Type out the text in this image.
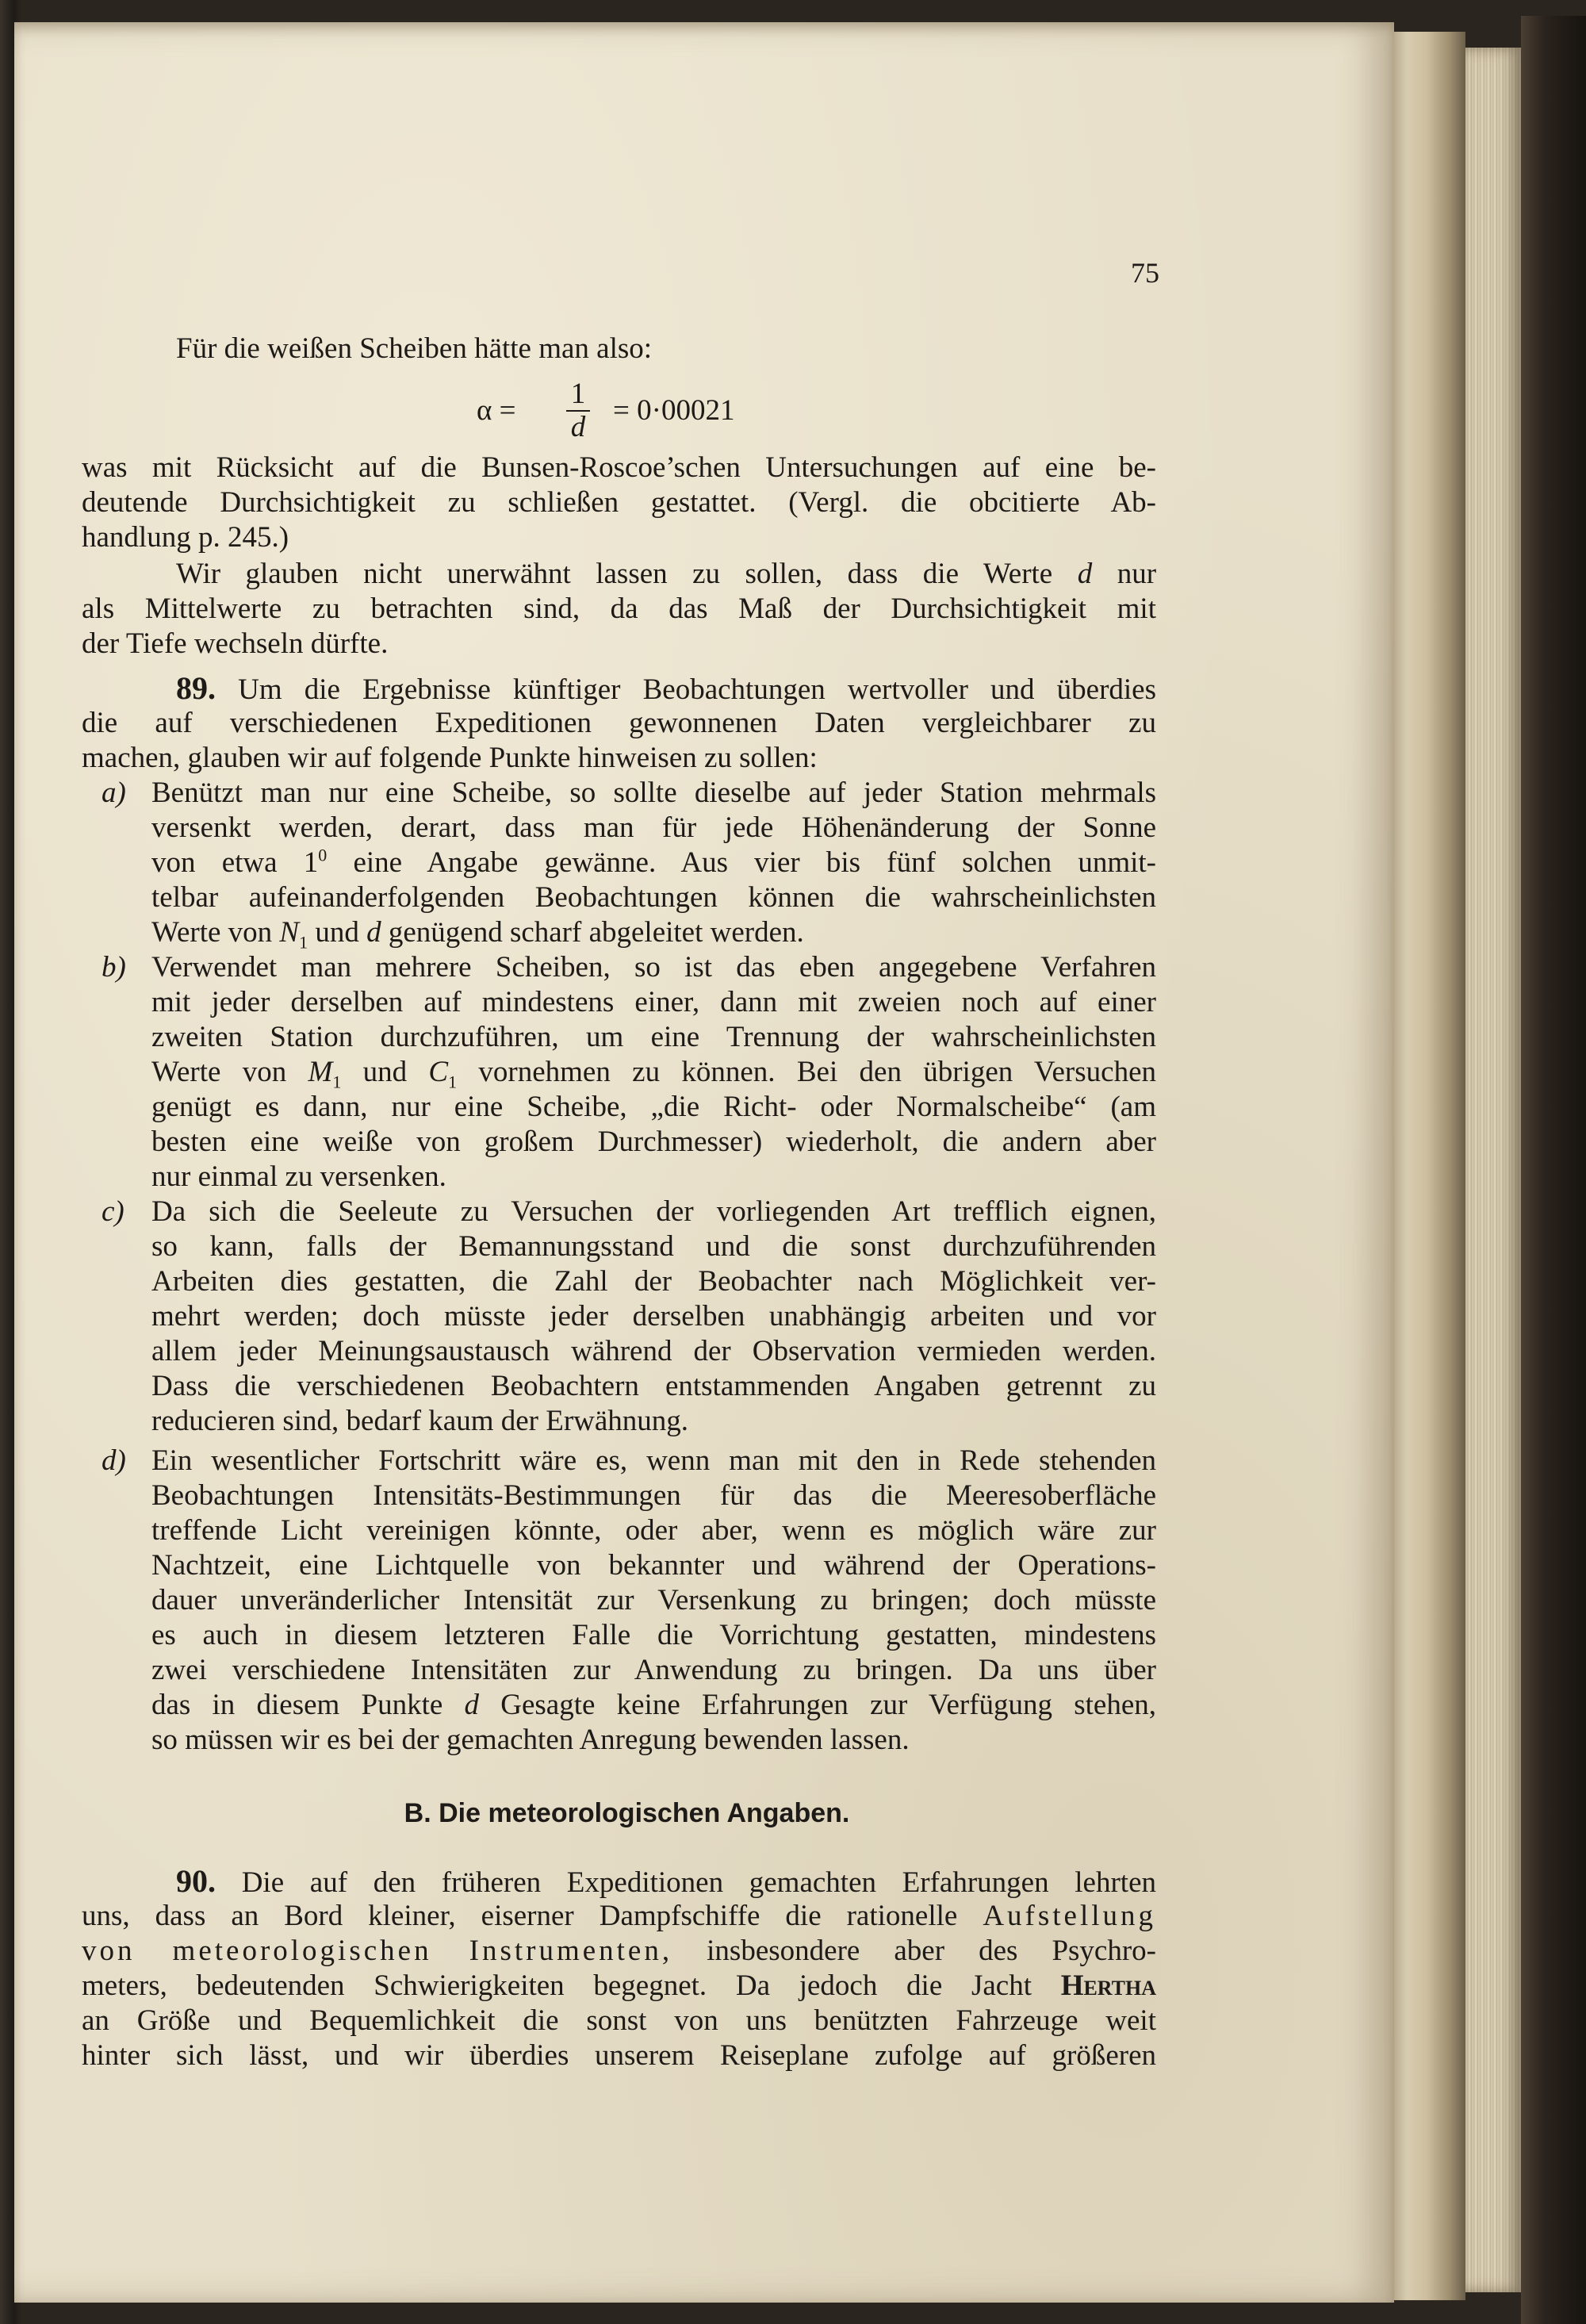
75

Für die weißen Scheiben hätte man also:

$\alpha = \frac{1}{d} = 0\cdot 00021$

was mit Rücksicht auf die Bunsen-Roscoe’schen Untersuchungen auf eine be-

deutende Durchsichtigkeit zu schließen gestattet. (Vergl. die obcitierte Ab-

handlung p. 245.)

Wir glauben nicht unerwähnt lassen zu sollen, dass die Werte d nur

als Mittelwerte zu betrachten sind, da das Maß der Durchsichtigkeit mit

der Tiefe wechseln dürfte.

89. Um die Ergebnisse künftiger Beobachtungen wertvoller und überdies

die auf verschiedenen Expeditionen gewonnenen Daten vergleichbarer zu

machen, glauben wir auf folgende Punkte hinweisen zu sollen:

a) Benützt man nur eine Scheibe, so sollte dieselbe auf jeder Station mehrmals

versenkt werden, derart, dass man für jede Höhenänderung der Sonne

von etwa $1^0$ eine Angabe gewänne. Aus vier bis fünf solchen unmit-

telbar aufeinanderfolgenden Beobachtungen können die wahrscheinlichsten

Werte von $N_1$ und d genügend scharf abgeleitet werden.

b) Verwendet man mehrere Scheiben, so ist das eben angegebene Verfahren

mit jeder derselben auf mindestens einer, dann mit zweien noch auf einer

zweiten Station durchzuführen, um eine Trennung der wahrscheinlichsten

Werte von $M_1$ und $C_1$ vornehmen zu können. Bei den übrigen Versuchen

genügt es dann, nur eine Scheibe, „die Richt- oder Normalscheibe“ (am

besten eine weiße von großem Durchmesser) wiederholt, die andern aber

nur einmal zu versenken.

c) Da sich die Seeleute zu Versuchen der vorliegenden Art trefflich eignen,

so kann, falls der Bemannungsstand und die sonst durchzuführenden

Arbeiten dies gestatten, die Zahl der Beobachter nach Möglichkeit ver-

mehrt werden; doch müsste jeder derselben unabhängig arbeiten und vor

allem jeder Meinungsaustausch während der Observation vermieden werden.

Dass die verschiedenen Beobachtern entstammenden Angaben getrennt zu

reducieren sind, bedarf kaum der Erwähnung.

d) Ein wesentlicher Fortschritt wäre es, wenn man mit den in Rede stehenden

Beobachtungen Intensitäts-Bestimmungen für das die Meeresoberfläche

treffende Licht vereinigen könnte, oder aber, wenn es möglich wäre zur

Nachtzeit, eine Lichtquelle von bekannter und während der Operations-

dauer unveränderlicher Intensität zur Versenkung zu bringen; doch müsste

es auch in diesem letzteren Falle die Vorrichtung gestatten, mindestens

zwei verschiedene Intensitäten zur Anwendung zu bringen. Da uns über

das in diesem Punkte d Gesagte keine Erfahrungen zur Verfügung stehen,

so müssen wir es bei der gemachten Anregung bewenden lassen.

B. Die meteorologischen Angaben.

90. Die auf den früheren Expeditionen gemachten Erfahrungen lehrten

uns, dass an Bord kleiner, eiserner Dampfschiffe die rationelle Aufstellung

von meteorologischen Instrumenten, insbesondere aber des Psychro-

meters, bedeutenden Schwierigkeiten begegnet. Da jedoch die Jacht Hertha

an Größe und Bequemlichkeit die sonst von uns benützten Fahrzeuge weit

hinter sich lässt, und wir überdies unserem Reiseplane zufolge auf größeren
